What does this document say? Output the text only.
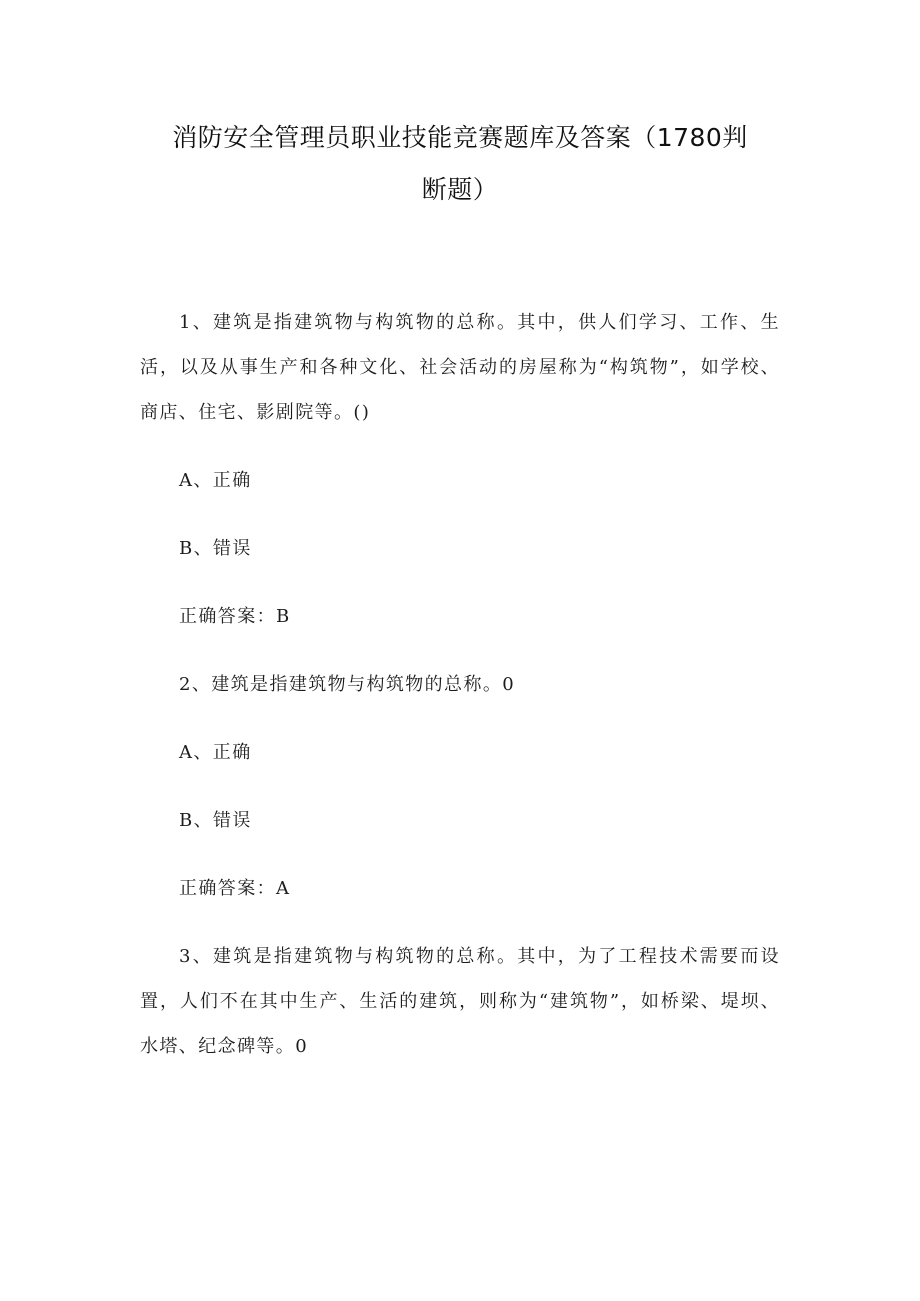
消防安全管理员职业技能竞赛题库及答案（1780判
断题）

1、建筑是指建筑物与构筑物的总称。其中，供人们学习、工作、生活，以及从事生产和各种文化、社会活动的房屋称为“构筑物”，如学校、商店、住宅、影剧院等。()

A、正确

B、错误

正确答案：B

2、建筑是指建筑物与构筑物的总称。0

A、正确

B、错误

正确答案：A

3、建筑是指建筑物与构筑物的总称。其中，为了工程技术需要而设置，人们不在其中生产、生活的建筑，则称为“建筑物”，如桥梁、堤坝、水塔、纪念碑等。0
